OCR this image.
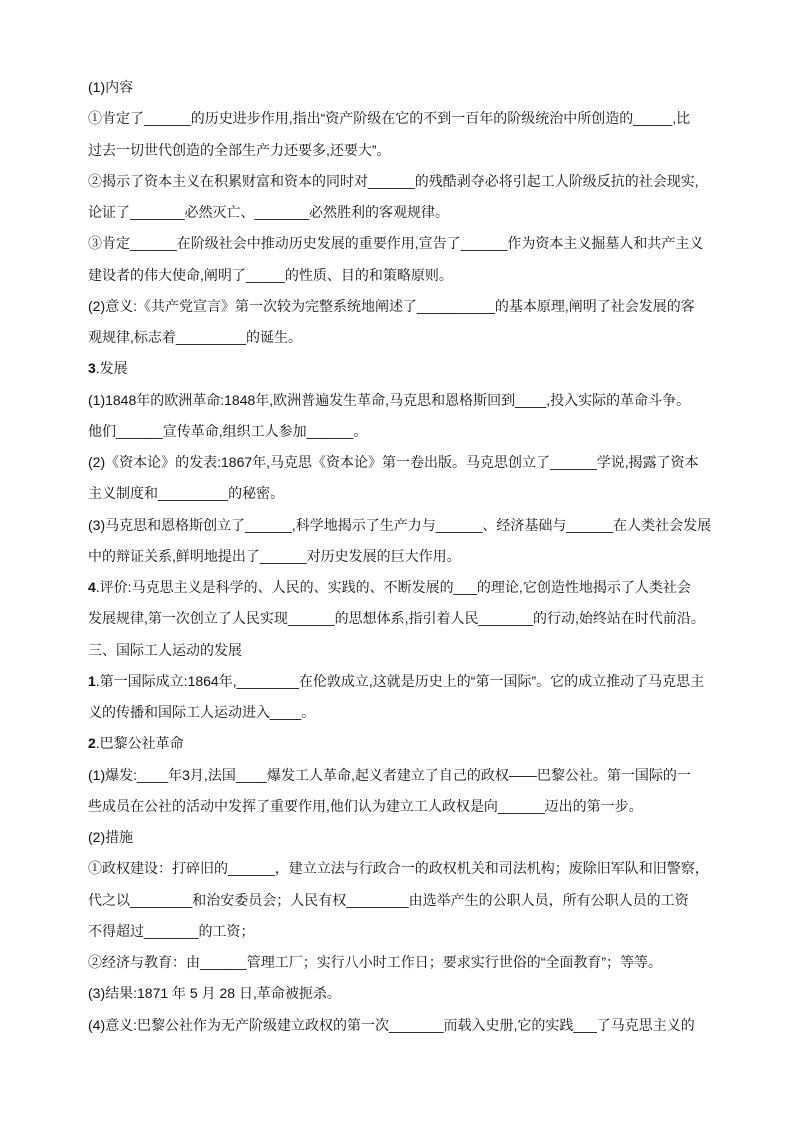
(1)内容
①肯定了______的历史进步作用,指出“资产阶级在它的不到一百年的阶级统治中所创造的_____,比
过去一切世代创造的全部生产力还要多,还要大”。
②揭示了资本主义在积累财富和资本的同时对______的残酷剥夺必将引起工人阶级反抗的社会现实,
论证了_______必然灭亡、_______必然胜利的客观规律。
③肯定______在阶级社会中推动历史发展的重要作用,宣告了______作为资本主义掘墓人和共产主义
建设者的伟大使命,阐明了_____的性质、目的和策略原则。
(2)意义:《共产党宣言》第一次较为完整系统地阐述了__________的基本原理,阐明了社会发展的客
观规律,标志着_________的诞生。
3.发展
(1)1848年的欧洲革命:1848年,欧洲普遍发生革命,马克思和恩格斯回到____,投入实际的革命斗争。
他们______宣传革命,组织工人参加______。
(2)《资本论》的发表:1867年,马克思《资本论》第一卷出版。马克思创立了______学说,揭露了资本
主义制度和_________的秘密。
(3)马克思和恩格斯创立了______,科学地揭示了生产力与______、经济基础与______在人类社会发展
中的辩证关系,鲜明地提出了______对历史发展的巨大作用。
4.评价:马克思主义是科学的、人民的、实践的、不断发展的___的理论,它创造性地揭示了人类社会
发展规律,第一次创立了人民实现______的思想体系,指引着人民_______的行动,始终站在时代前沿。
三、国际工人运动的发展
1.第一国际成立:1864年,________在伦敦成立,这就是历史上的“第一国际”。它的成立推动了马克思主
义的传播和国际工人运动进入____。
2.巴黎公社革命
(1)爆发:____年3月,法国____爆发工人革命,起义者建立了自己的政权——巴黎公社。第一国际的一
些成员在公社的活动中发挥了重要作用,他们认为建立工人政权是向______迈出的第一步。
(2)措施
①政权建设：打碎旧的______，建立立法与行政合一的政权机关和司法机构；废除旧军队和旧警察，
代之以________和治安委员会；人民有权________由选举产生的公职人员，所有公职人员的工资
不得超过_______的工资；
②经济与教育：由______管理工厂；实行八小时工作日；要求实行世俗的“全面教育”；等等。
(3)结果:1871 年 5 月 28 日,革命被扼杀。
(4)意义:巴黎公社作为无产阶级建立政权的第一次_______而载入史册,它的实践___了马克思主义的
